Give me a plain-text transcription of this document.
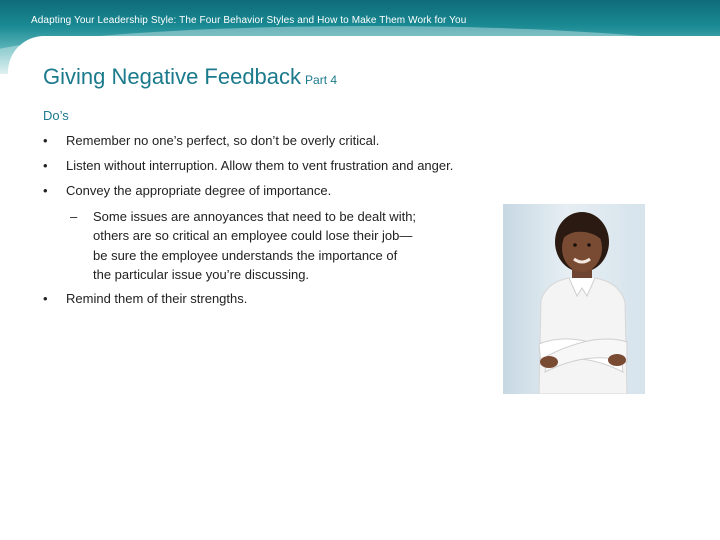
Adapting Your Leadership Style: The Four Behavior Styles and How to Make Them Work for You
Giving Negative Feedback Part 4
Do’s
•	Remember no one’s perfect, so don’t be overly critical.
•	Listen without interruption. Allow them to vent frustration and anger.
•	Convey the appropriate degree of importance.
–	Some issues are annoyances that need to be dealt with;
others are so critical an employee could lose their job—
be sure the employee understands the importance of
the particular issue you’re discussing.
•	Remind them of their strengths.
